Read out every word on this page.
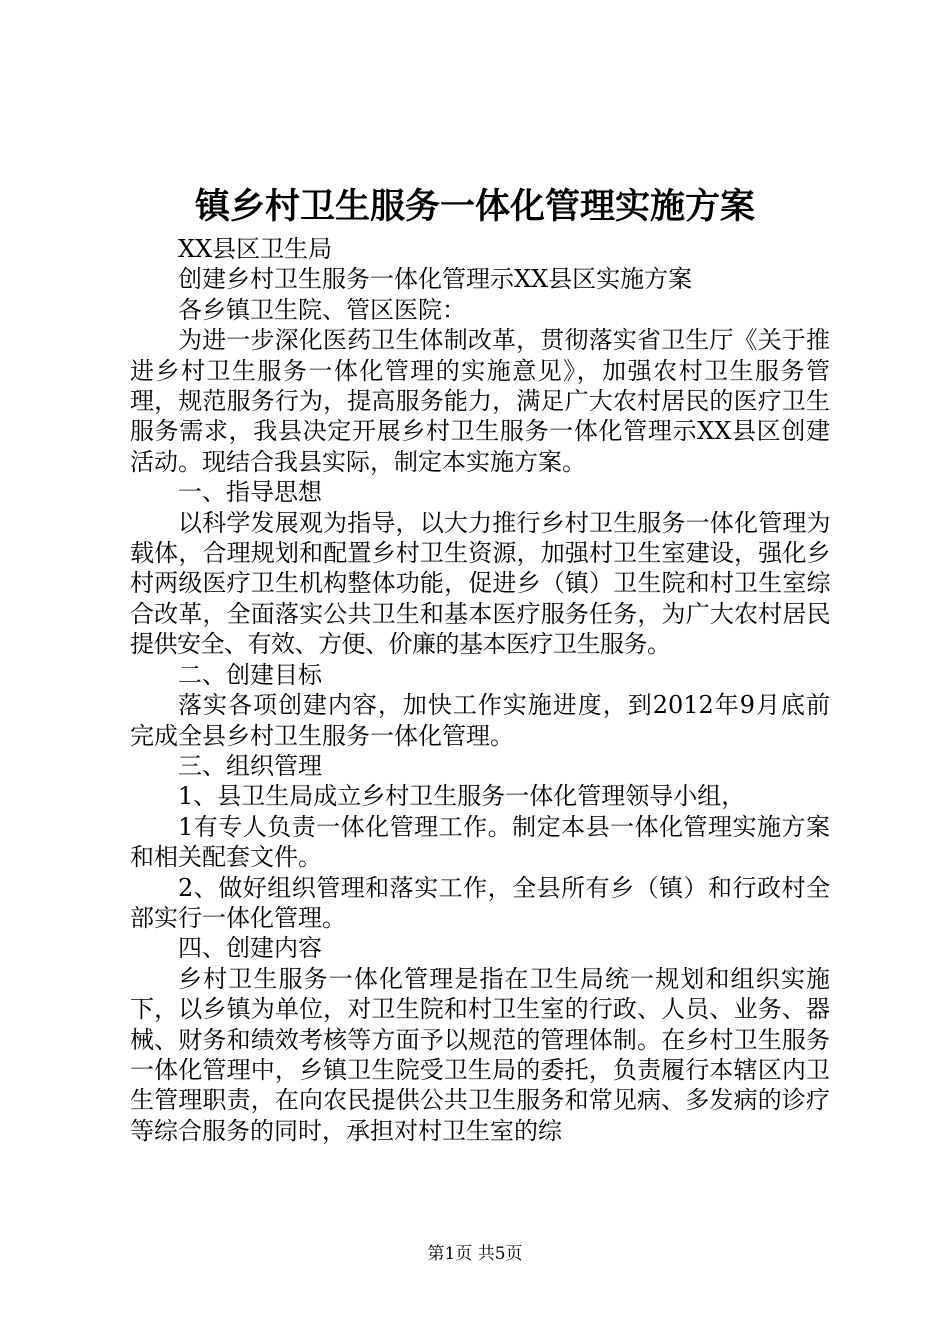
镇乡村卫生服务一体化管理实施方案

XX县区卫生局

创建乡村卫生服务一体化管理示XX县区实施方案

各乡镇卫生院、管区医院：

为进一步深化医药卫生体制改革，贯彻落实省卫生厅《关于推进乡村卫生服务一体化管理的实施意见》，加强农村卫生服务管理，规范服务行为，提高服务能力，满足广大农村居民的医疗卫生服务需求，我县决定开展乡村卫生服务一体化管理示XX县区创建活动。现结合我县实际，制定本实施方案。

一、指导思想

以科学发展观为指导，以大力推行乡村卫生服务一体化管理为载体，合理规划和配置乡村卫生资源，加强村卫生室建设，强化乡村两级医疗卫生机构整体功能，促进乡（镇）卫生院和村卫生室综合改革，全面落实公共卫生和基本医疗服务任务，为广大农村居民提供安全、有效、方便、价廉的基本医疗卫生服务。

二、创建目标

落实各项创建内容，加快工作实施进度，到2012年9月底前完成全县乡村卫生服务一体化管理。

三、组织管理

1、县卫生局成立乡村卫生服务一体化管理领导小组，

1有专人负责一体化管理工作。制定本县一体化管理实施方案和相关配套文件。

2、做好组织管理和落实工作，全县所有乡（镇）和行政村全部实行一体化管理。

四、创建内容

乡村卫生服务一体化管理是指在卫生局统一规划和组织实施下，以乡镇为单位，对卫生院和村卫生室的行政、人员、业务、器械、财务和绩效考核等方面予以规范的管理体制。在乡村卫生服务一体化管理中，乡镇卫生院受卫生局的委托，负责履行本辖区内卫生管理职责，在向农民提供公共卫生服务和常见病、多发病的诊疗等综合服务的同时，承担对村卫生室的综

第1页 共5页
